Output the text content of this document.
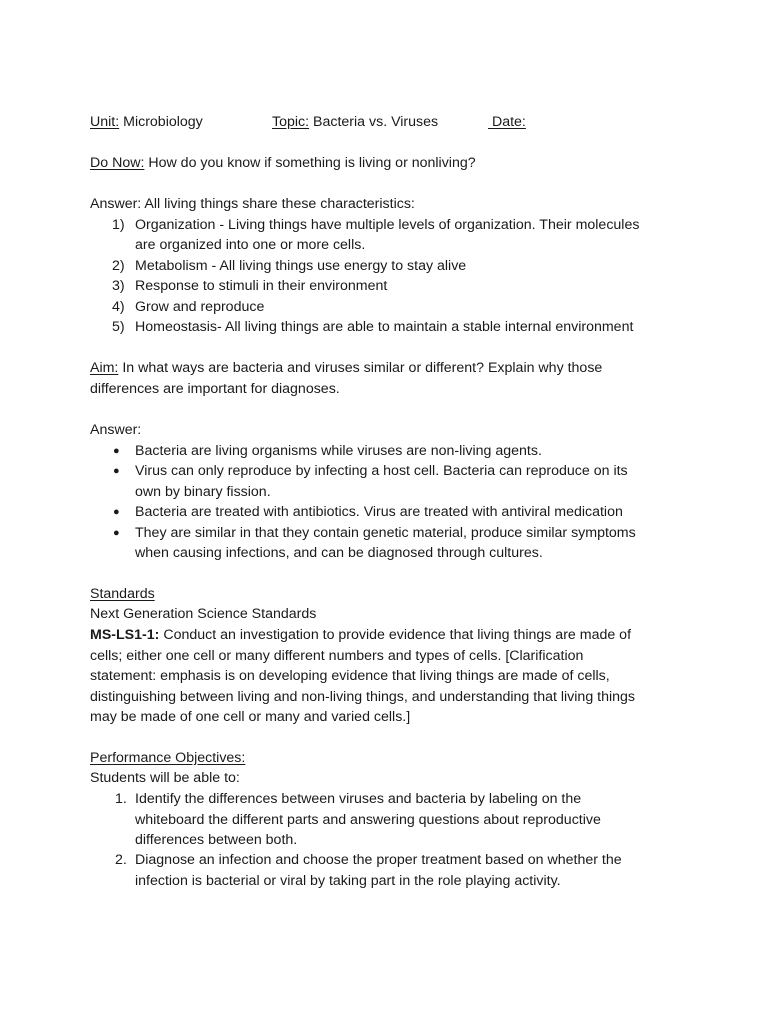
Unit: Microbiology	Topic: Bacteria vs. Viruses	Date:
Do Now: How do you know if something is living or nonliving?
Answer: All living things share these characteristics:
1) Organization - Living things have multiple levels of organization. Their molecules
are organized into one or more cells.
2) Metabolism - All living things use energy to stay alive
3) Response to stimuli in their environment
4) Grow and reproduce
5) Homeostasis- All living things are able to maintain a stable internal environment
Aim: In what ways are bacteria and viruses similar or different? Explain why those
differences are important for diagnoses.
Answer:
● Bacteria are living organisms while viruses are non-living agents.
● Virus can only reproduce by infecting a host cell. Bacteria can reproduce on its
own by binary fission.
● Bacteria are treated with antibiotics. Virus are treated with antiviral medication
● They are similar in that they contain genetic material, produce similar symptoms
when causing infections, and can be diagnosed through cultures.
Standards
Next Generation Science Standards
MS-LS1-1: Conduct an investigation to provide evidence that living things are made of
cells; either one cell or many different numbers and types of cells. [Clarification
statement: emphasis is on developing evidence that living things are made of cells,
distinguishing between living and non-living things, and understanding that living things
may be made of one cell or many and varied cells.]
Performance Objectives:
Students will be able to:
1. Identify the differences between viruses and bacteria by labeling on the
whiteboard the different parts and answering questions about reproductive
differences between both.
2. Diagnose an infection and choose the proper treatment based on whether the
infection is bacterial or viral by taking part in the role playing activity.
